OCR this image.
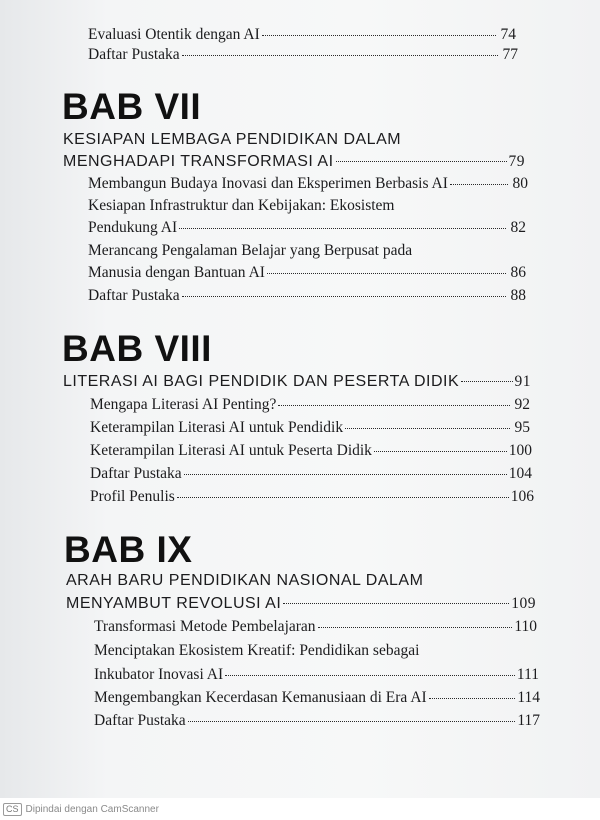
Evaluasi Otentik dengan AI	74
Daftar Pustaka	77
BAB VII
KESIAPAN LEMBAGA PENDIDIKAN DALAM
MENGHADAPI TRANSFORMASI AI	79
Membangun Budaya Inovasi dan Eksperimen Berbasis AI	80
Kesiapan Infrastruktur dan Kebijakan: Ekosistem
Pendukung AI	82
Merancang Pengalaman Belajar yang Berpusat pada
Manusia dengan Bantuan AI	86
Daftar Pustaka	88
BAB VIII
LITERASI AI BAGI PENDIDIK DAN PESERTA DIDIK	91
Mengapa Literasi AI Penting?	92
Keterampilan Literasi AI untuk Pendidik	95
Keterampilan Literasi AI untuk Peserta Didik	100
Daftar Pustaka	104
Profil Penulis	106
BAB IX
ARAH BARU PENDIDIKAN NASIONAL DALAM
MENYAMBUT REVOLUSI AI	109
Transformasi Metode Pembelajaran	110
Menciptakan Ekosistem Kreatif: Pendidikan sebagai
Inkubator Inovasi AI	111
Mengembangkan Kecerdasan Kemanusiaan di Era AI	114
Daftar Pustaka	117
CS Dipindai dengan CamScanner
